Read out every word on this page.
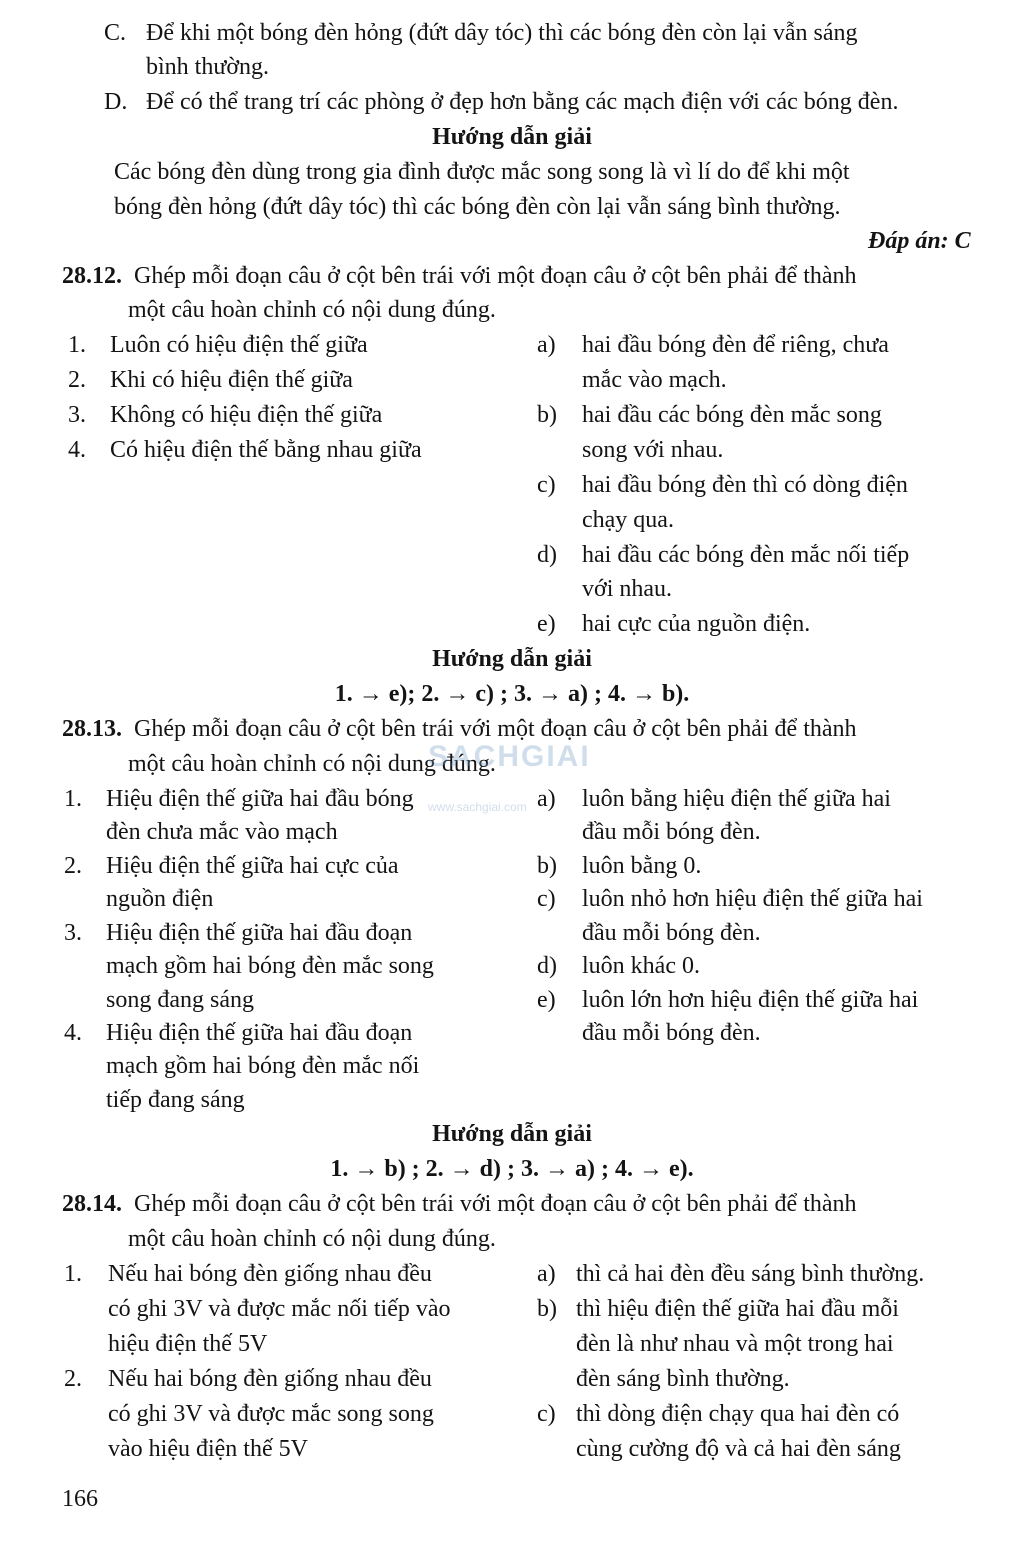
C. Để khi một bóng đèn hỏng (đứt dây tóc) thì các bóng đèn còn lại vẫn sáng
bình thường.
D. Để có thể trang trí các phòng ở đẹp hơn bằng các mạch điện với các bóng đèn.
Hướng dẫn giải
Các bóng đèn dùng trong gia đình được mắc song song là vì lí do để khi một
bóng đèn hỏng (đứt dây tóc) thì các bóng đèn còn lại vẫn sáng bình thường.
Đáp án: C
28.12. Ghép mỗi đoạn câu ở cột bên trái với một đoạn câu ở cột bên phải để thành
một câu hoàn chỉnh có nội dung đúng.
1. Luôn có hiệu điện thế giữa
2. Khi có hiệu điện thế giữa
3. Không có hiệu điện thế giữa
4. Có hiệu điện thế bằng nhau giữa
a) hai đầu bóng đèn để riêng, chưa
mắc vào mạch.
b) hai đầu các bóng đèn mắc song
song với nhau.
c) hai đầu bóng đèn thì có dòng điện
chạy qua.
d) hai đầu các bóng đèn mắc nối tiếp
với nhau.
e) hai cực của nguồn điện.
Hướng dẫn giải
1. → e); 2. → c) ; 3. → a) ; 4. → b).
28.13. Ghép mỗi đoạn câu ở cột bên trái với một đoạn câu ở cột bên phải để thành
một câu hoàn chỉnh có nội dung đúng.
1. Hiệu điện thế giữa hai đầu bóng
đèn chưa mắc vào mạch
2. Hiệu điện thế giữa hai cực của
nguồn điện
3. Hiệu điện thế giữa hai đầu đoạn
mạch gồm hai bóng đèn mắc song
song đang sáng
4. Hiệu điện thế giữa hai đầu đoạn
mạch gồm hai bóng đèn mắc nối
tiếp đang sáng
a) luôn bằng hiệu điện thế giữa hai
đầu mỗi bóng đèn.
b) luôn bằng 0.
c) luôn nhỏ hơn hiệu điện thế giữa hai
đầu mỗi bóng đèn.
d) luôn khác 0.
e) luôn lớn hơn hiệu điện thế giữa hai
đầu mỗi bóng đèn.
Hướng dẫn giải
1. → b) ; 2. → d) ; 3. → a) ; 4. → e).
28.14. Ghép mỗi đoạn câu ở cột bên trái với một đoạn câu ở cột bên phải để thành
một câu hoàn chỉnh có nội dung đúng.
1. Nếu hai bóng đèn giống nhau đều
có ghi 3V và được mắc nối tiếp vào
hiệu điện thế 5V
2. Nếu hai bóng đèn giống nhau đều
có ghi 3V và được mắc song song
vào hiệu điện thế 5V
a) thì cả hai đèn đều sáng bình thường.
b) thì hiệu điện thế giữa hai đầu mỗi
đèn là như nhau và một trong hai
đèn sáng bình thường.
c) thì dòng điện chạy qua hai đèn có
cùng cường độ và cả hai đèn sáng
SACHGIAI
www.sachgiai.com
166
